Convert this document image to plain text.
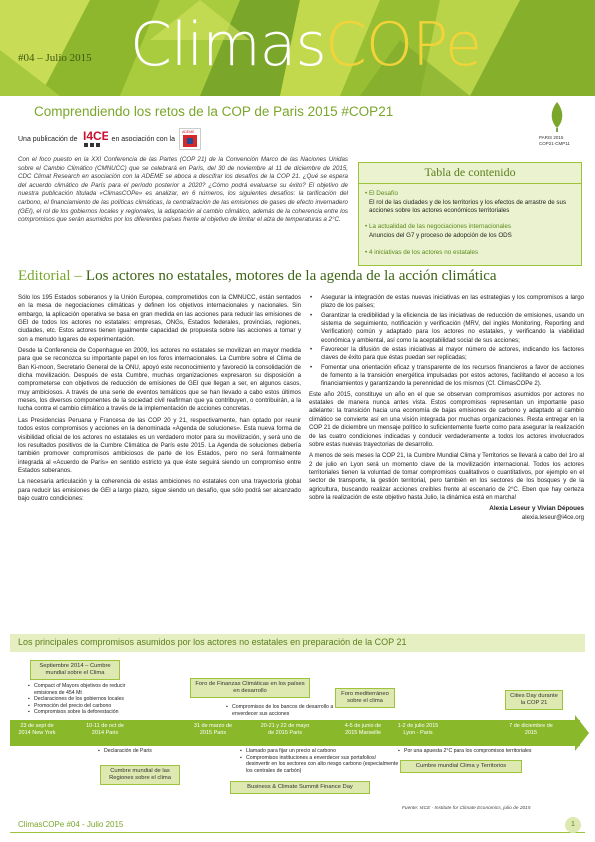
#04 – Julio 2015 Climas COPe
Comprendiendo los retos de la COP de Paris 2015 #COP21
Una publicación de I4CE en asociación con la
ADEME
PARIS 2015
COP21·CMP11
Con el foco puesto en la XXI Conferencia de las Partes (COP 21) de la Convención Marco de las Naciones Unidas sobre el Cambio Climático (CMNUCC) que se celebrará en París, del 30 de noviembre al 11 de diciembre de 2015, CDC Climat Research en asociación con la ADEME se aboca a descifrar los desafíos de la COP 21. ¿Qué se espera del acuerdo climático de París para el período posterior a 2020? ¿Cómo podrá evaluarse su éxito? El objetivo de nuestra publicación titulada «ClimasCOPe» es analizar, en 6 números, los siguientes desafíos: la tarificación del carbono, el financiamiento de las políticas climáticas, la centralización de las emisiones de gases de efecto invernadero (GEI), el rol de los gobiernos locales y regionales, la adaptación al cambio climático, además de la coherencia entre los compromisos que serán asumidos por los diferentes países frente al objetivo de limitar el alza de temperaturas a 2°C.
Tabla de contenido
• El Desafío
El rol de las ciudades y de los territorios y los efectos de arrastre de sus acciones sobre los actores económicos territoriales
• La actualidad de las negociaciones internacionales
Anuncios del G7 y proceso de adopción de los ODS
• 4 iniciativas de los actores no estatales
Editorial – Los actores no estatales, motores de la agenda de la acción climática

Sólo los 195 Estados soberanos y la Unión Europea, comprometidos con la CMNUCC, están sentados en la mesa de negociaciones climáticas y definen los objetivos internacionales y nacionales. Sin embargo, la aplicación operativa se basa en gran medida en las acciones para reducir las emisiones de GEI de todos los actores no estatales: empresas, ONGs, Estados federales, provincias, regiones, ciudades, etc. Estos actores tienen igualmente capacidad de propuesta sobre las acciones a tomar y son a menudo lugares de experimentación.

Desde la Conferencia de Copenhague en 2009, los actores no estatales se movilizan en mayor medida para que se reconozca su importante papel en los foros internacionales. La Cumbre sobre el Clima de Ban Ki-moon, Secretario General de la ONU, apoyó este reconocimiento y favoreció la consolidación de dicha movilización. Después de esta Cumbre, muchas organizaciones expresaron su disposición a comprometerse con objetivos de reducción de emisiones de GEI que llegan a ser, en algunos casos, muy ambiciosos. A través de una serie de eventos temáticos que se han llevado a cabo estos últimos meses, los diversos componentes de la sociedad civil reafirman que ya contribuyen, o contribuirán, a la lucha contra el cambio climático a través de la implementación de acciones concretas.

Las Presidencias Peruana y Francesa de las COP 20 y 21, respectivamente, han optado por reunir todos estos compromisos y acciones en la denominada «Agenda de soluciones». Esta nueva forma de visibilidad oficial de los actores no estatales es un verdadero motor para su movilización, y será uno de los resultados positivos de la Cumbre Climática de París este 2015. La Agenda de soluciones debería también promover compromisos ambiciosos de parte de los Estados, pero no será formalmente integrada al «Acuerdo de París» en sentido estricto ya que éste seguirá siendo un compromiso entre Estados soberanos.

La necesaria articulación y la coherencia de estas ambiciones no estatales con una trayectoria global para reducir las emisiones de GEI a largo plazo, sigue siendo un desafío, que sólo podrá ser alcanzado bajo cuatro condiciones:

• Asegurar la integración de estas nuevas iniciativas en las estrategias y los compromisos a largo plazo de los países;
• Garantizar la credibilidad y la eficiencia de las iniciativas de reducción de emisiones, usando un sistema de seguimiento, notificación y verificación (MRV, del inglés Monitoring, Reporting and Verification) común y adaptado para los actores no estatales, y verificando la viabilidad económica y ambiental, así como la aceptabilidad social de sus acciones;
• Favorecer la difusión de estas iniciativas al mayor número de actores, indicando los factores claves de éxito para que éstas puedan ser replicadas;
• Fomentar una orientación eficaz y transparente de los recursos financieros a favor de acciones de fomento a la transición energética impulsadas por estos actores, facilitando el acceso a los financiamientos y garantizando la perennidad de los mismos (Cf. ClimasCOPe 2).

Este año 2015, constituye un año en el que se observan compromisos asumidos por actores no estatales de manera nunca antes vista. Estos compromisos representan un importante paso adelante: la transición hacia una economía de bajas emisiones de carbono y adaptado al cambio climático se convierte así en una visión integrada por muchas organizaciones. Resta entregar en la COP 21 de diciembre un mensaje político lo suficientemente fuerte como para asegurar la realización de las cuatro condiciones indicadas y conducir verdaderamente a todos los actores involucrados sobre estas nuevas trayectorias de desarrollo.

A menos de seis meses la COP 21, la Cumbre Mundial Clima y Territorios se llevará a cabo del 1ro al 2 de julio en Lyon será un momento clave de la movilización internacional. Todos los actores territoriales tienen la voluntad de tomar compromisos cualitativos o cuantitativos, por ejemplo en el sector de transporte, la gestión territorial, pero también en los sectores de los bosques y de la agricultura, buscando realizar acciones creíbles frente al escenario de 2°C. Eben que hay certeza sobre la realización de este objetivo hasta Julio, la dinámica está en marcha!

Alexia Leseur y Vivian Dépoues
alexia.leseur@i4ce.org
Los principales compromisos asumidos por los actores no estatales en preparación de la COP 21
Septiembre 2014 – Cumbre mundial sobre el Clima
▪ Compact of Mayors objetivos de reducir emisiones de 454 Mt
▪ Declaraciones de los gobiernos locales
▪ Promoción del precio del carbono
▪ Compromisos sobre la deforestación
Foro de Finanzas Climáticas en los países en desarrollo
▪ Compromisos de los bancos de desarrollo a enverdecer sus acciones
Foro mediterráneo sobre el clima
Cities Day durante la COP 21
23 de sept de 2014 New York
10-11 de oct de 2014 Paris
31 de marzo de 2015 Paris
20-21 y 22 de mayo de 2015 Paris
4-5 de junio de 2015 Marseille
1-2 de julio 2015 Lyon - Paris
7 de diciembre de 2015
▪ Declaración de Paris
Cumbre mundial de las Regiones sobre el clima
▪ Llamado para fijar un precio al carbono
▪ Compromisos instituciones a enverdecer sus portafolios/ desinvertir en los sectores con alto riesgo carbono (especialmente los centrales de carbón)
Business & Climate Summit Finance Day
▪ Por una apuesta 2°C para los compromisos territoriales
Cumbre mundial Clima y Territorios
Fuente: I4CE - Institute for Climate Economics, julio de 2015
ClimasCOPe #04 - Julio 2015	1
